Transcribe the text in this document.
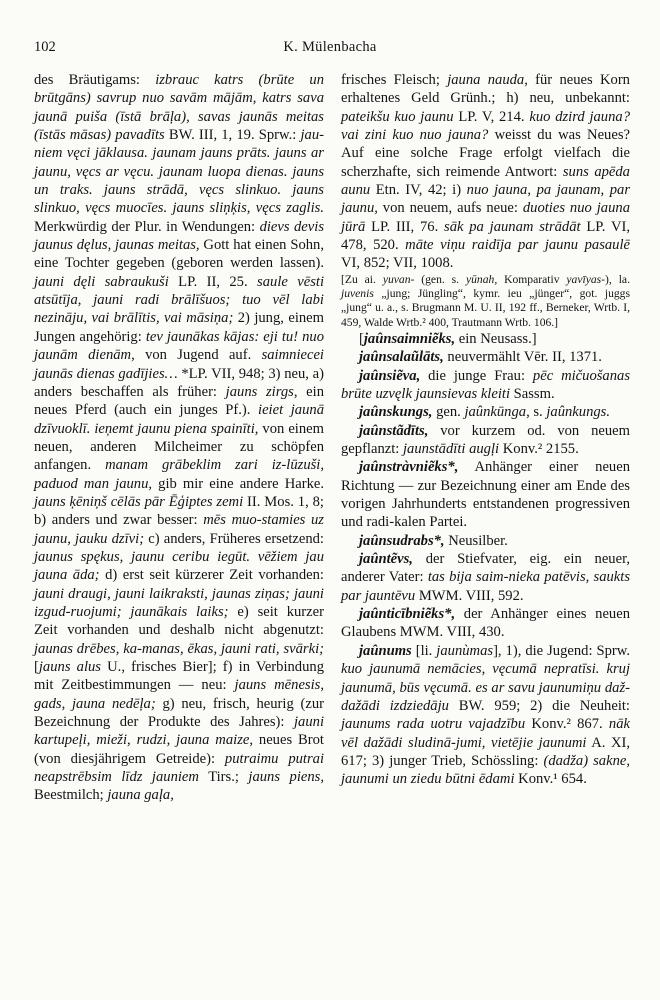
102	K. Mülenbacha

des Bräutigams: izbrauc katrs (brūte un brūtgāns) savrup nuo savām mājām, katrs sava jaunā puiša (īstā brāļa), savas jaunās meitas (īstās māsas) pavadīts BW. III, 1, 19. Sprw.: jau-niem vęci jāklausa. jaunam jauns prāts. jauns ar jaunu, vęcs ar vęcu. jaunam luopa dienas. jauns un traks. jauns strādā, vęcs slinkuo. jauns slinkuo, vęcs muocīes. jauns sliņķis, vęcs zaglis. Merkwürdig der Plur. in Wendungen: dievs devis jaunus dęlus, jaunas meitas, Gott hat einen Sohn, eine Tochter gegeben (geboren werden lassen). jauni dęli sabraukuši LP. II, 25. saule vēsti atsūtīja, jauni radi brālīšuos; tuo vēl labi nezināju, vai brālītis, vai māsiņa; 2) jung, einem Jungen angehörig: tev jaunākas kājas: eji tu! nuo jaunām dienām, von Jugend auf. saimniecei jaunās dienas gadījies… *LP. VII, 948; 3) neu, a) anders beschaffen als früher: jauns zirgs, ein neues Pferd (auch ein junges Pf.). ieiet jaunā dzīvuoklī. ieņemt jaunu piena spainīti, von einem neuen, anderen Milcheimer zu schöpfen anfangen. manam grābeklim zari iz-lūzuši, paduod man jaunu, gib mir eine andere Harke. jauns ķēniņš cēlās pār Ēģiptes zemi II. Mos. 1, 8; b) anders und zwar besser: mēs muo-stamies uz jaunu, jauku dzīvi; c) anders, Früheres ersetzend: jaunus spękus, jaunu ceribu iegūt. vēžiem jau jauna āda; d) erst seit kürzerer Zeit vorhanden: jauni draugi, jauni laikraksti, jaunas ziņas; jauni izgud-ruojumi; jaunākais laiks; e) seit kurzer Zeit vorhanden und deshalb nicht abgenutzt: jaunas drēbes, ka-manas, ēkas, jauni rati, svārki; [jauns alus U., frisches Bier]; f) in Verbindung mit Zeitbestimmungen — neu: jauns mēnesis, gads, jauna nedēļa; g) neu, frisch, heurig (zur Bezeichnung der Produkte des Jahres): jauni kartupeļi, mieži, rudzi, jauna maize, neues Brot (von diesjährigem Getreide): putraimu putrai neapstrēbsim līdz jauniem Tirs.; jauns piens, Beestmilch; jauna gaļa,

frisches Fleisch; jauna nauda, für neues Korn erhaltenes Geld Grünh.; h) neu, unbekannt: pateikšu kuo jaunu LP. V, 214. kuo dzird jauna? vai zini kuo nuo jauna? weisst du was Neues? Auf eine solche Frage erfolgt vielfach die scherzhafte, sich reimende Antwort: suns apēda aunu Etn. IV, 42; i) nuo jauna, pa jaunam, par jaunu, von neuem, aufs neue: duoties nuo jauna jūrā LP. III, 76. sāk pa jaunam strādāt LP. VI, 478, 520. māte viņu raidīja par jaunu pasaulē VI, 852; VII, 1008.

[Zu ai. yuvan- (gen. s. yūnah, Komparativ yavīyas-), la. juvenis „jung; Jüngling“, kymr. ieu „jünger“, got. juggs „jung“ u. a., s. Brugmann M. U. II, 192 ff., Berneker, Wrtb. I, 459, Walde Wrtb.² 400, Trautmann Wrtb. 106.]

[jaûnsaimniẽks, ein Neusass.]

jaûnsalaũlāts, neuvermählt Vēr. II, 1371.

jaûnsiẽva, die junge Frau: pēc mičuošanas brūte uzvęlk jaunsievas kleiti Sassm.

jaûnskungs, gen. jaûnkūnga, s. jaûnkungs.

jaûnstãdīts, vor kurzem od. von neuem gepflanzt: jaunstādīti augļi Konv.² 2155.

jaûnstràvniẽks*, Anhänger einer neuen Richtung — zur Bezeichnung einer am Ende des vorigen Jahrhunderts entstandenen progressiven und radi-kalen Partei.

jaûnsudrabs*, Neusilber.

jaûntẽvs, der Stiefvater, eig. ein neuer, anderer Vater: tas bija saim-nieka patēvis, saukts par jauntēvu MWM. VIII, 592.

jaûnticībniẽks*, der Anhänger eines neuen Glaubens MWM. VIII, 430.

jaûnums [li. jaunùmas], 1), die Jugend: Sprw. kuo jaunumā nemācies, vęcumā nepratīsi. kruj jaunumā, būs vęcumā. es ar savu jaunumiņu daž-dažādi izdziedāju BW. 959; 2) die Neuheit: jaunums rada uotru vajadzību Konv.² 867. nāk vēl dažādi sludinā-jumi, vietējie jaunumi A. XI, 617; 3) junger Trieb, Schössling: (dadža) sakne, jaunumi un ziedu būtni ēdami Konv.¹ 654.
